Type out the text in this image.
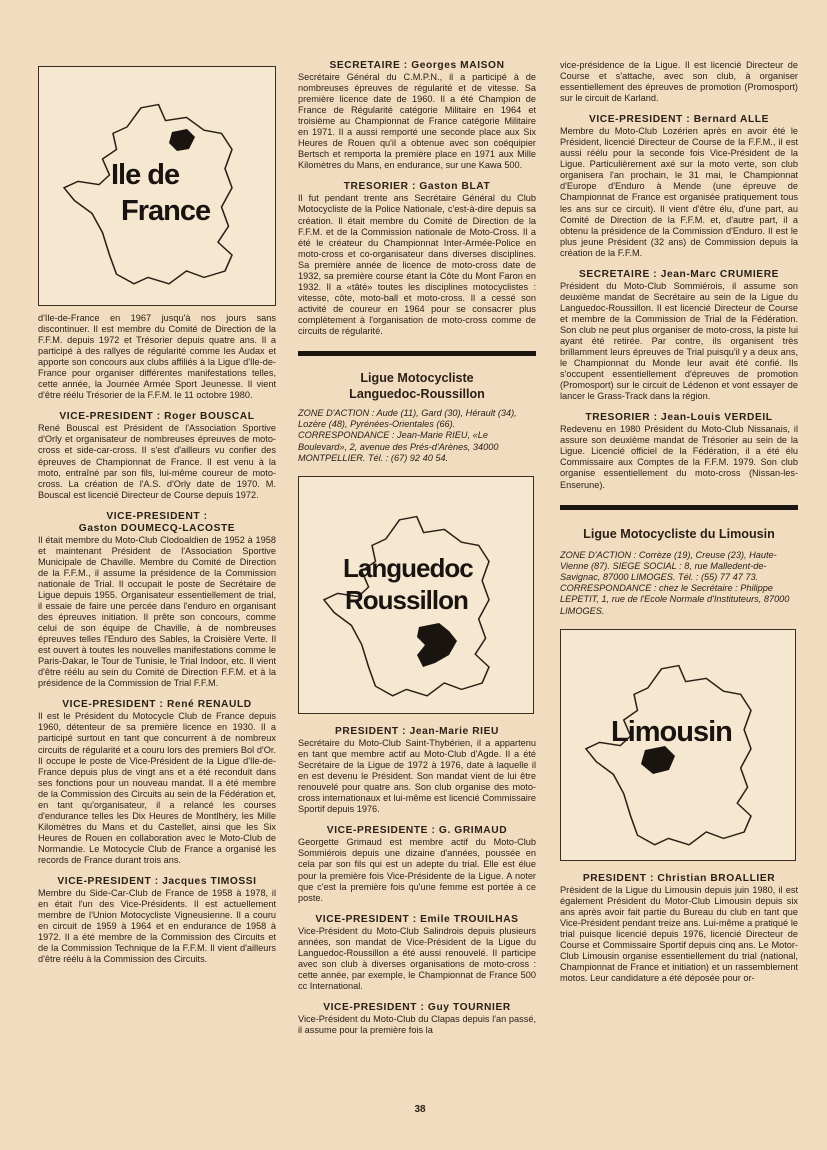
Ile de
France

d'Ile-de-France en 1967 jusqu'à nos jours sans discontinuer. Il est membre du Comité de Direction de la F.F.M. depuis 1972 et Trésorier depuis quatre ans. Il a participé à des rallyes de régularité comme les Audax et apporte son concours aux clubs affiliés à la Ligue d'Ile-de-France pour organiser différentes manifestations telles, cette année, la Journée Armée Sport Jeunesse. Il vient d'être réélu Trésorier de la F.F.M. le 11 octobre 1980.

VICE-PRESIDENT : Roger BOUSCAL

René Bouscal est Président de l'Association Sportive d'Orly et organisateur de nombreuses épreuves de moto-cross et side-car-cross. Il s'est d'ailleurs vu confier des épreuves de Championnat de France. Il est venu à la moto, entraîné par son fils, lui-même coureur de moto-cross. La création de l'A.S. d'Orly date de 1970. M. Bouscal est licencié Directeur de Course depuis 1972.

VICE-PRESIDENT :

Gaston DOUMECQ-LACOSTE

Il était membre du Moto-Club Clodoaldien de 1952 à 1958 et maintenant Président de l'Association Sportive Municipale de Chaville. Membre du Comité de Direction de la F.F.M., il assume la présidence de la Commission nationale de Trial. Il occupait le poste de Secrétaire de Ligue depuis 1955. Organisateur essentiellement de trial, il essaie de faire une percée dans l'enduro en organisant des épreuves initiation. Il prête son concours, comme celui de son équipe de Chaville, à de nombreuses épreuves telles l'Enduro des Sables, la Croisière Verte. Il est ouvert à toutes les nouvelles manifestations comme le Paris-Dakar, le Tour de Tunisie, le Trial Indoor, etc. Il vient d'être réélu au sein du Comité de Direction F.F.M. et à la présidence de la Commission de Trial F.F.M.

VICE-PRESIDENT : René RENAULD

Il est le Président du Motocycle Club de France depuis 1960, détenteur de sa première licence en 1930. Il a participé surtout en tant que concurrent à de nombreux circuits de régularité et a couru lors des premiers Bol d'Or. Il occupe le poste de Vice-Président de la Ligue d'Ile-de-France depuis plus de vingt ans et a été reconduit dans ses fonctions pour un nouveau mandat. Il a été membre de la Commission des Circuits au sein de la Fédération et, en tant qu'organisateur, il a relancé les courses d'endurance telles les Dix Heures de Montlhéry, les Mille Kilomètres du Mans et du Castellet, ainsi que les Six Heures de Rouen en collaboration avec le Moto-Club de Normandie. Le Motocycle Club de France a organisé les records de France durant trois ans.

VICE-PRESIDENT : Jacques TIMOSSI

Membre du Side-Car-Club de France de 1958 à 1978, il en était l'un des Vice-Présidents. Il est actuellement membre de l'Union Motocycliste Vigneusienne. Il a couru en circuit de 1959 à 1964 et en endurance de 1958 à 1972. Il a été membre de la Commission des Circuits et de la Commission Technique de la F.F.M. Il vient d'ailleurs d'être réélu à la Commission des Circuits.

SECRETAIRE : Georges MAISON

Secrétaire Général du C.M.P.N., il a participé à de nombreuses épreuves de régularité et de vitesse. Sa première licence date de 1960. Il a été Champion de France de Régularité catégorie Militaire en 1964 et troisième au Championnat de France catégorie Militaire en 1971. Il a aussi remporté une seconde place aux Six Heures de Rouen qu'il a obtenue avec son coéquipier Bertsch et remporta la première place en 1971 aux Mille Kilomètres du Mans, en endurance, sur une Kawa 500.

TRESORIER : Gaston BLAT

Il fut pendant trente ans Secrétaire Général du Club Motocycliste de la Police Nationale, c'est-à-dire depuis sa création. Il était membre du Comité de Direction de la F.F.M. et de la Commission nationale de Moto-Cross. Il a été le créateur du Championnat Inter-Armée-Police en moto-cross et co-organisateur dans diverses disciplines. Sa première année de licence de moto-cross date de 1932, sa première course étant la Côte du Mont Faron en 1932. Il a «tâté» toutes les disciplines motocyclistes : vitesse, côte, moto-ball et moto-cross. Il a cessé son activité de coureur en 1964 pour se consacrer plus complètement à l'organisation de moto-cross comme de circuits de régularité.

Ligue Motocycliste

Languedoc-Roussillon

ZONE D'ACTION : Aude (11), Gard (30), Hérault (34), Lozère (48), Pyrénées-Orientales (66). CORRESPONDANCE : Jean-Marie RIEU, «Le Boulevard», 2, avenue des Prés-d'Arènes, 34000 MONTPELLIER. Tél. : (67) 92 40 54.

Languedoc
Roussillon

PRESIDENT : Jean-Marie RIEU

Secrétaire du Moto-Club Saint-Thybérien, il a appartenu en tant que membre actif au Moto-Club d'Agde. Il a été Secrétaire de la Ligue de 1972 à 1976, date à laquelle il en est devenu le Président. Son mandat vient de lui être renouvelé pour quatre ans. Son club organise des moto-cross internationaux et lui-même est licencié Commissaire Sportif depuis 1976.

VICE-PRESIDENTE : G. GRIMAUD

Georgette Grimaud est membre actif du Moto-Club Sommiérois depuis une dizaine d'années, poussée en cela par son fils qui est un adepte du trial. Elle est élue pour la première fois Vice-Présidente de la Ligue. A noter que c'est la première fois qu'une femme est portée à ce poste.

VICE-PRESIDENT : Emile TROUILHAS

Vice-Président du Moto-Club Salindrois depuis plusieurs années, son mandat de Vice-Président de la Ligue du Languedoc-Roussillon a été aussi renouvelé. Il participe avec son club à diverses organisations de moto-cross : cette année, par exemple, le Championnat de France 500 cc International.

VICE-PRESIDENT : Guy TOURNIER

Vice-Président du Moto-Club du Clapas depuis l'an passé, il assume pour la première fois la

vice-présidence de la Ligue. Il est licencié Directeur de Course et s'attache, avec son club, à organiser essentiellement des épreuves de promotion (Promosport) sur le circuit de Karland.

VICE-PRESIDENT : Bernard ALLE

Membre du Moto-Club Lozérien après en avoir été le Président, licencié Directeur de Course de la F.F.M., il est aussi réélu pour la seconde fois Vice-Président de la Ligue. Particulièrement axé sur la moto verte, son club organisera l'an prochain, le 31 mai, le Championnat d'Europe d'Enduro à Mende (une épreuve de Championnat de France est organisée pratiquement tous les ans sur ce circuit). Il vient d'être élu, d'une part, au Comité de Direction de la F.F.M. et, d'autre part, il a obtenu la présidence de la Commission d'Enduro. Il est le plus jeune Président (32 ans) de Commission depuis la création de la F.F.M.

SECRETAIRE : Jean-Marc CRUMIERE

Président du Moto-Club Sommiérois, il assume son deuxième mandat de Secrétaire au sein de la Ligue du Languedoc-Roussillon. Il est licencié Directeur de Course et membre de la Commission de Trial de la Fédération. Son club ne peut plus organiser de moto-cross, la piste lui ayant été retirée. Par contre, ils organisent très brillamment leurs épreuves de Trial puisqu'il y a deux ans, le Championnat du Monde leur avait été confié. Ils s'occupent essentiellement d'épreuves de promotion (Promosport) sur le circuit de Lédenon et vont essayer de lancer le Grass-Track dans la région.

TRESORIER : Jean-Louis VERDEIL

Redevenu en 1980 Président du Moto-Club Nissanais, il assure son deuxième mandat de Trésorier au sein de la Ligue. Licencié officiel de la Fédération, il a été élu Commissaire aux Comptes de la F.F.M. 1979. Son club organise essentiellement du moto-cross (Nissan-les-Enserune).

Ligue Motocycliste du Limousin

ZONE D'ACTION : Corrèze (19), Creuse (23), Haute-Vienne (87). SIEGE SOCIAL : 8, rue Malledent-de-Savignac, 87000 LIMOGES. Tél. : (55) 77 47 73. CORRESPONDANCE : chez le Secrétaire : Philippe LEPETIT, 1, rue de l'Ecole Normale d'Instituteurs, 87000 LIMOGES.

Limousin

PRESIDENT : Christian BROALLIER

Président de la Ligue du Limousin depuis juin 1980, il est également Président du Motor-Club Limousin depuis six ans après avoir fait partie du Bureau du club en tant que Vice-Président pendant treize ans. Lui-même a pratiqué le trial puisque licencié depuis 1976, licencié Directeur de Course et Commissaire Sportif depuis cinq ans. Le Motor-Club Limousin organise essentiellement du trial (national, Championnat de France et initiation) et un rassemblement motos. Leur candidature a été déposée pour or-

38
